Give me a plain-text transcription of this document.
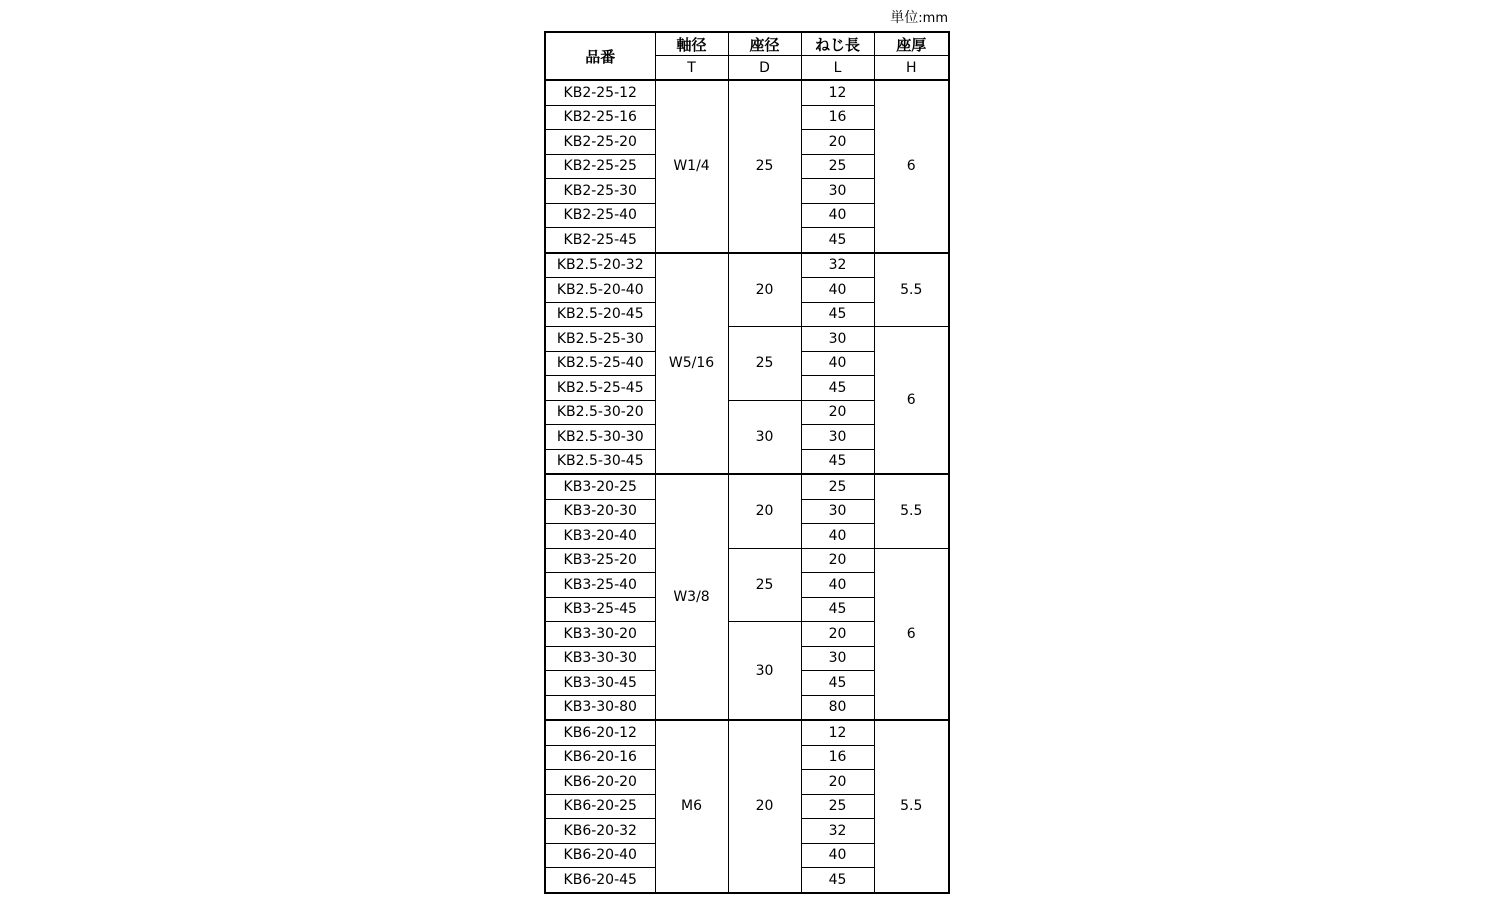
単位:mm
品番	軸径	座径	ねじ長	座厚
	T	D	L	H
KB2-25-12	W1/4	25	12	6
KB2-25-16			16	
KB2-25-20			20	
KB2-25-25			25	
KB2-25-30			30	
KB2-25-40			40	
KB2-25-45			45	
KB2.5-20-32	W5/16	20	32	5.5
KB2.5-20-40			40	
KB2.5-20-45			45	
KB2.5-25-30		25	30	6
KB2.5-25-40			40	
KB2.5-25-45			45	
KB2.5-30-20		30	20	
KB2.5-30-30			30	
KB2.5-30-45			45	
KB3-20-25	W3/8	20	25	5.5
KB3-20-30			30	
KB3-20-40			40	
KB3-25-20		25	20	6
KB3-25-40			40	
KB3-25-45			45	
KB3-30-20		30	20	
KB3-30-30			30	
KB3-30-45			45	
KB3-30-80			80	
KB6-20-12	M6	20	12	5.5
KB6-20-16			16	
KB6-20-20			20	
KB6-20-25			25	
KB6-20-32			32	
KB6-20-40			40	
KB6-20-45			45	
